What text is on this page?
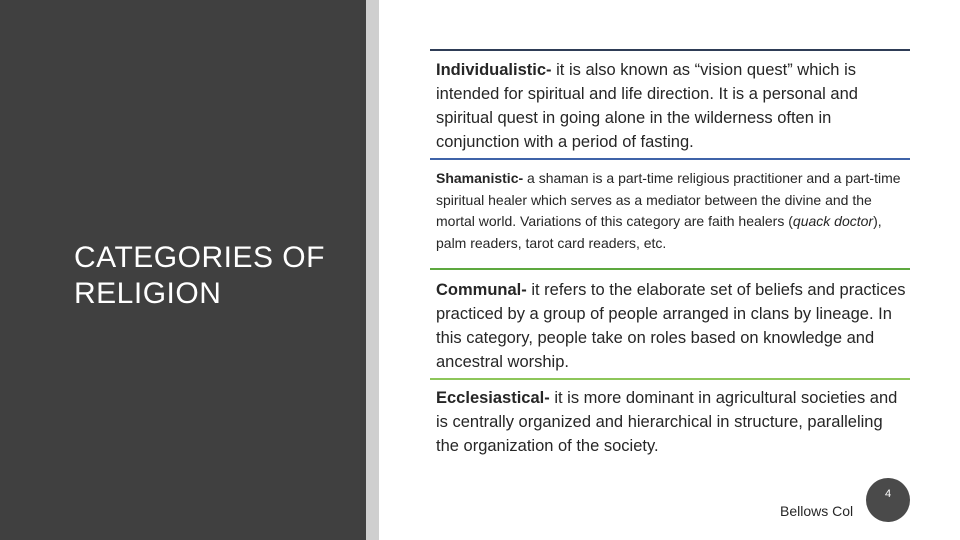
CATEGORIES OF RELIGION
Individualistic- it is also known as “vision quest” which is intended for spiritual and life direction. It is a personal and spiritual quest in going alone in the wilderness often in conjunction with a period of fasting.
Shamanistic- a shaman is a part-time religious practitioner and a part-time spiritual healer which serves as a mediator between the divine and the mortal world. Variations of this category are faith healers (quack doctor), palm readers, tarot card readers, etc.
Communal- it refers to the elaborate set of beliefs and practices practiced by a group of people arranged in clans by lineage. In this category, people take on roles based on knowledge and ancestral worship.
Ecclesiastical- it is more dominant in agricultural societies and is centrally organized and hierarchical in structure, paralleling the organization of the society.
Bellows Col
4
